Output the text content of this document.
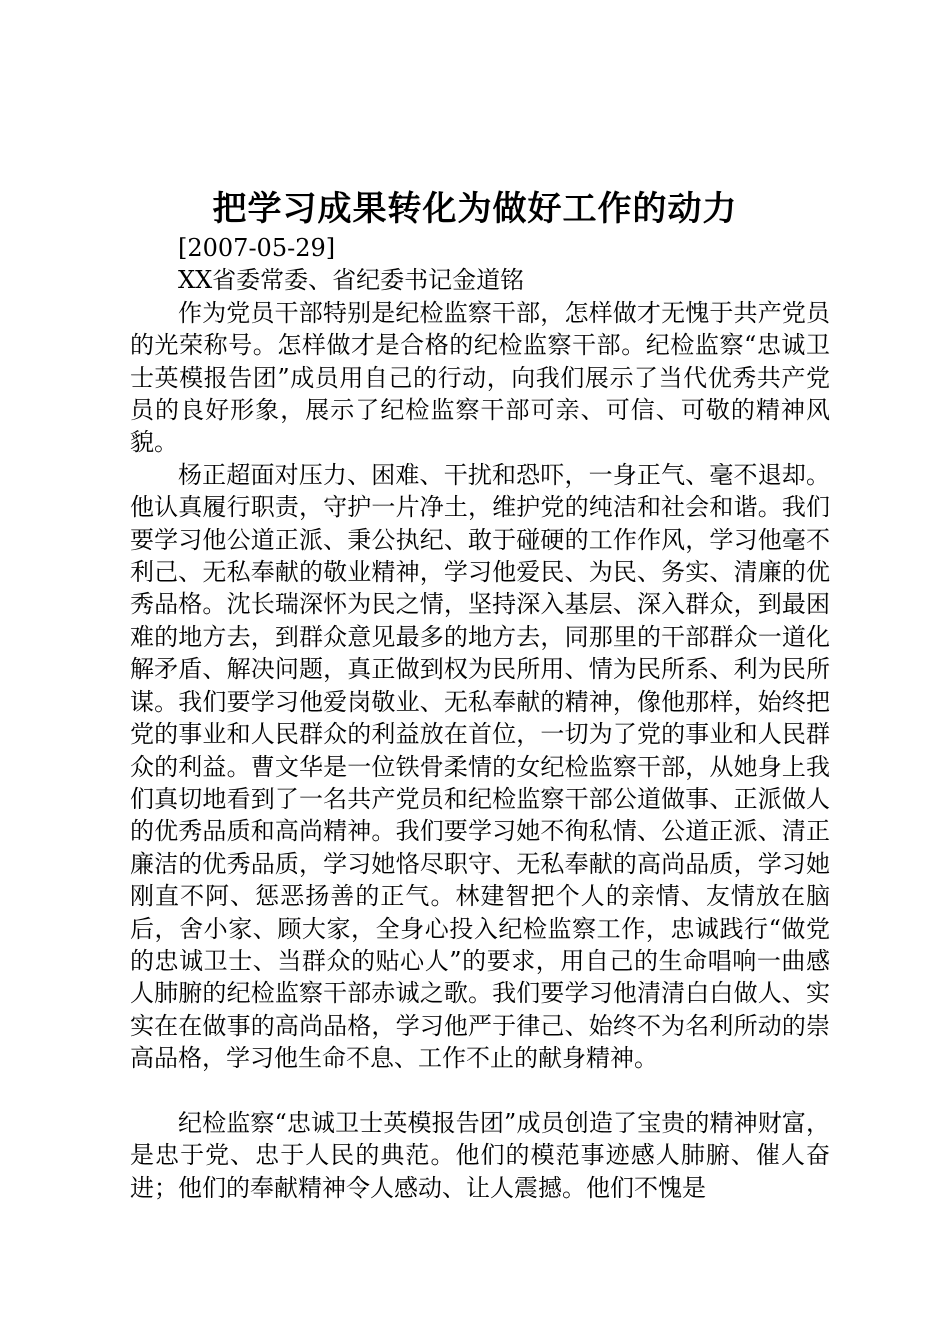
把学习成果转化为做好工作的动力
[2007-05-29]
XX省委常委、省纪委书记金道铭

作为党员干部特别是纪检监察干部，怎样做才无愧于共产党员的光荣称号。怎样做才是合格的纪检监察干部。纪检监察“忠诚卫士英模报告团”成员用自己的行动，向我们展示了当代优秀共产党员的良好形象，展示了纪检监察干部可亲、可信、可敬的精神风貌。

杨正超面对压力、困难、干扰和恐吓，一身正气、毫不退却。他认真履行职责，守护一片净土，维护党的纯洁和社会和谐。我们要学习他公道正派、秉公执纪、敢于碰硬的工作作风，学习他毫不利己、无私奉献的敬业精神，学习他爱民、为民、务实、清廉的优秀品格。沈长瑞深怀为民之情，坚持深入基层、深入群众，到最困难的地方去，到群众意见最多的地方去，同那里的干部群众一道化解矛盾、解决问题，真正做到权为民所用、情为民所系、利为民所谋。我们要学习他爱岗敬业、无私奉献的精神，像他那样，始终把党的事业和人民群众的利益放在首位，一切为了党的事业和人民群众的利益。曹文华是一位铁骨柔情的女纪检监察干部，从她身上我们真切地看到了一名共产党员和纪检监察干部公道做事、正派做人的优秀品质和高尚精神。我们要学习她不徇私情、公道正派、清正廉洁的优秀品质，学习她恪尽职守、无私奉献的高尚品质，学习她刚直不阿、惩恶扬善的正气。林建智把个人的亲情、友情放在脑后，舍小家、顾大家，全身心投入纪检监察工作，忠诚践行“做党的忠诚卫士、当群众的贴心人”的要求，用自己的生命唱响一曲感人肺腑的纪检监察干部赤诚之歌。我们要学习他清清白白做人、实实在在做事的高尚品格，学习他严于律己、始终不为名利所动的崇高品格，学习他生命不息、工作不止的献身精神。

纪检监察“忠诚卫士英模报告团”成员创造了宝贵的精神财富，是忠于党、忠于人民的典范。他们的模范事迹感人肺腑、催人奋进；他们的奉献精神令人感动、让人震撼。他们不愧是
